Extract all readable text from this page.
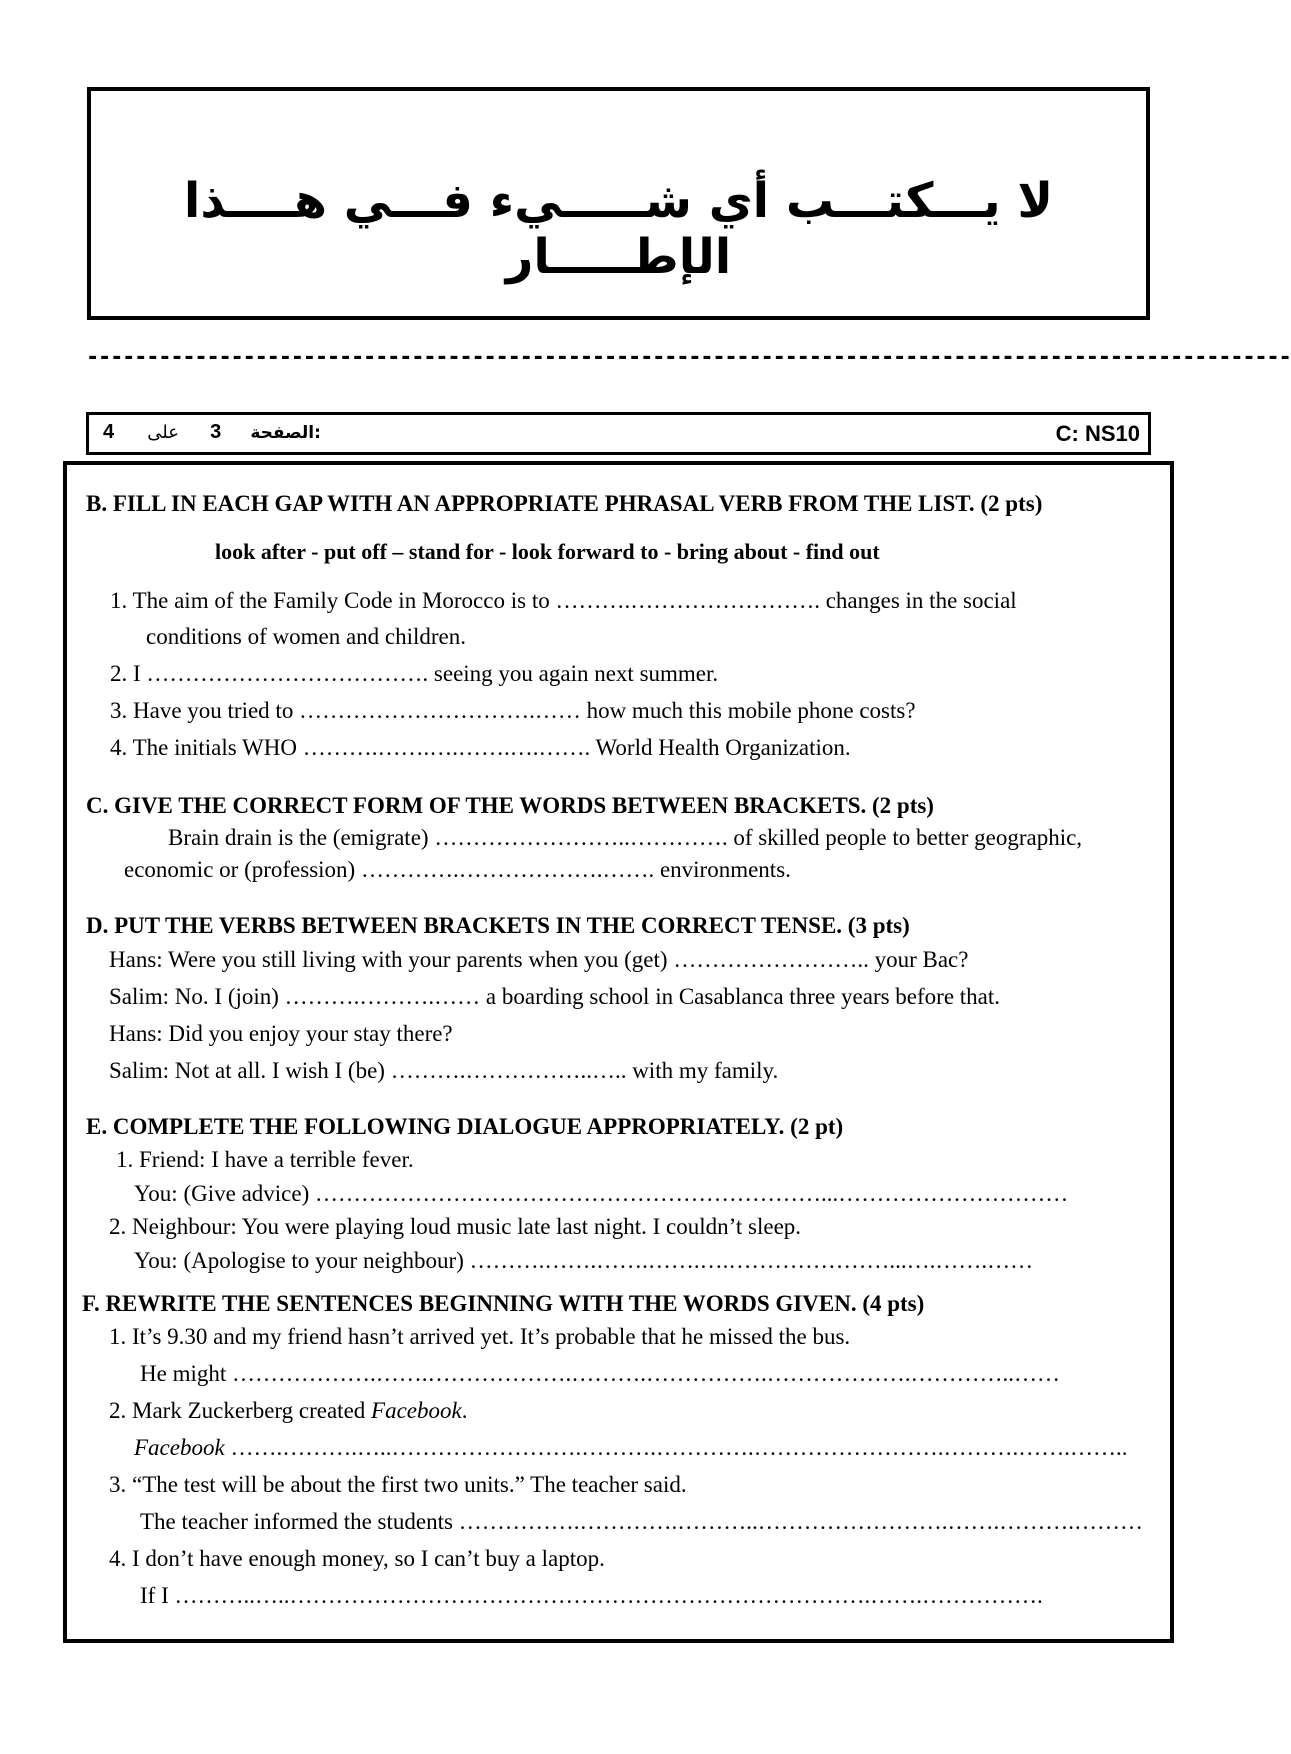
لا يـــكتـــب أي شـــــيء فـــي هــــذا الإطـــــار
----------------------------------------------------------------------------------------------------
4 على 3 الصفحة:	C: NS10
B. FILL IN EACH GAP WITH AN APPROPRIATE PHRASAL VERB FROM THE LIST. (2 pts)
look after - put off – stand for - look forward to - bring about - find out
1. The aim of the Family Code in Morocco is to ……….……………………. changes in the social
conditions of women and children.
2. I ………………………………. seeing you again next summer.
3. Have you tried to ………………………….…… how much this mobile phone costs?
4. The initials WHO ……….…….….…….….……. World Health Organization.
C. GIVE THE CORRECT FORM OF THE WORDS BETWEEN BRACKETS. (2 pts)
Brain drain is the (emigrate) ……………………..…………. of skilled people to better geographic,
economic or (profession) ………….……………….……. environments.
D. PUT THE VERBS BETWEEN BRACKETS IN THE CORRECT TENSE. (3 pts)
Hans: Were you still living with your parents when you (get) …………………….. your Bac?
Salim: No. I (join) ……….……….…… a boarding school in Casablanca three years before that.
Hans: Did you enjoy your stay there?
Salim: Not at all. I wish I (be) ……….……………..….. with my family.
E. COMPLETE THE FOLLOWING DIALOGUE APPROPRIATELY. (2 pt)
1. Friend: I have a terrible fever.
You: (Give advice) …………………………………………………………...…………………………
2. Neighbour: You were playing loud music late last night. I couldn’t sleep.
You: (Apologise to your neighbour) ……….…….…….…….….…………………...….…….……
F. REWRITE THE SENTENCES BEGINNING WITH THE WORDS GIVEN. (4 pts)
1. It’s 9.30 and my friend hasn’t arrived yet. It’s probable that he missed the bus.
He might ……………….…….……………….……….…………….……………….…………..……
2. Mark Zuckerberg created Facebook.
Facebook …….……….…..…………………….……….………….…………………….……….…….……..
3. “The test will be about the first two units.” The teacher said.
The teacher informed the students …………….………….………..…………………….…….……….………
4. I don’t have enough money, so I can’t buy a laptop.
If I ………..…..………………………………………………………………….…….…………….
